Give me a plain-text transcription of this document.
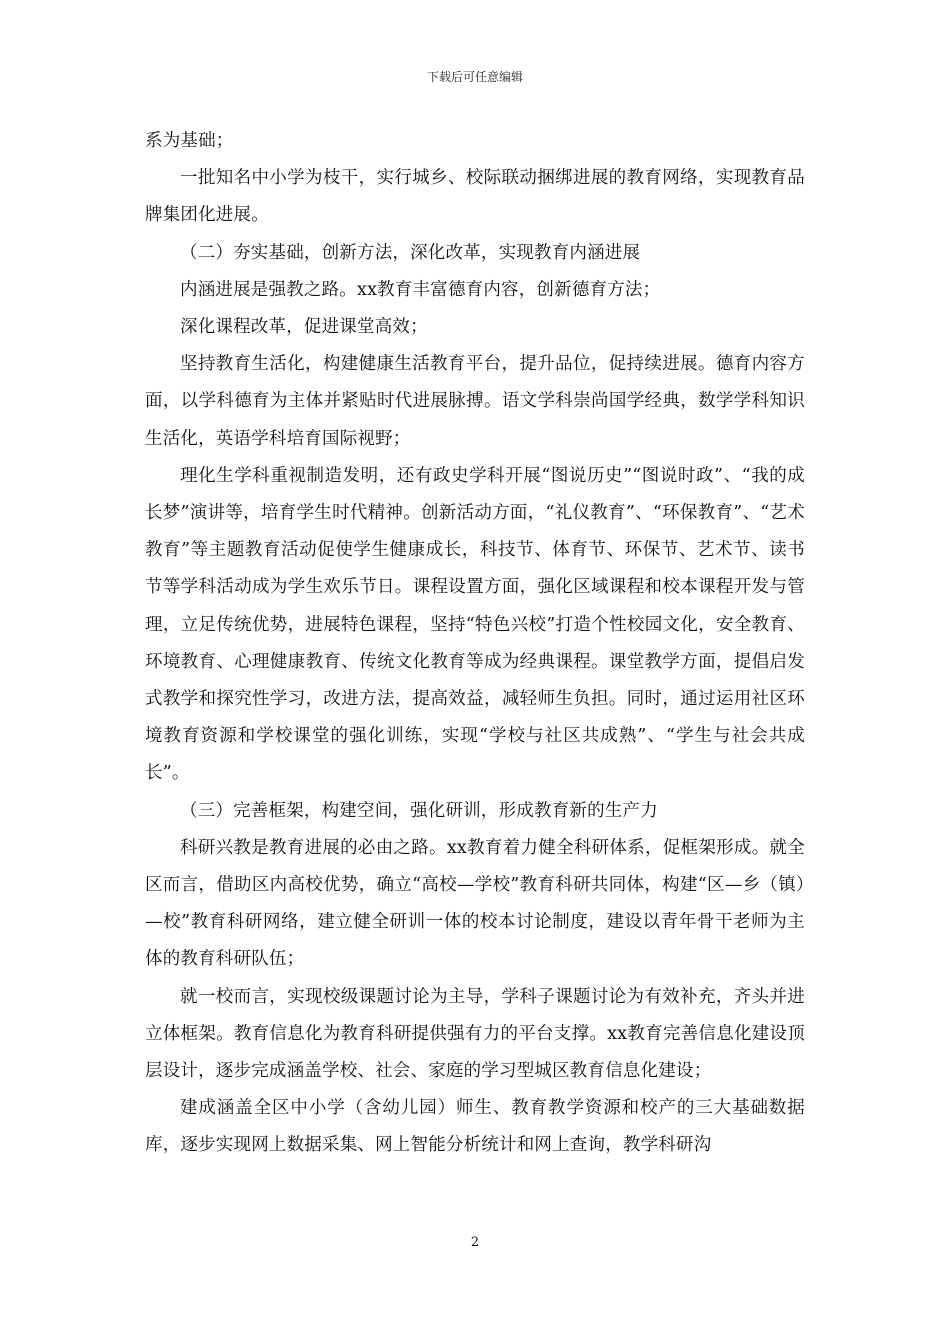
下载后可任意编辑

系为基础；

一批知名中小学为枝干，实行城乡、校际联动捆绑进展的教育网络，实现教育品牌集团化进展。

（二）夯实基础，创新方法，深化改革，实现教育内涵进展

内涵进展是强教之路。xx教育丰富德育内容，创新德育方法；

深化课程改革，促进课堂高效；

坚持教育生活化，构建健康生活教育平台，提升品位，促持续进展。德育内容方面，以学科德育为主体并紧贴时代进展脉搏。语文学科崇尚国学经典，数学学科知识生活化，英语学科培育国际视野；

理化生学科重视制造发明，还有政史学科开展“图说历史”“图说时政”、“我的成长梦”演讲等，培育学生时代精神。创新活动方面，“礼仪教育”、“环保教育”、“艺术教育”等主题教育活动促使学生健康成长，科技节、体育节、环保节、艺术节、读书节等学科活动成为学生欢乐节日。课程设置方面，强化区域课程和校本课程开发与管理，立足传统优势，进展特色课程，坚持“特色兴校”打造个性校园文化，安全教育、环境教育、心理健康教育、传统文化教育等成为经典课程。课堂教学方面，提倡启发式教学和探究性学习，改进方法，提高效益，减轻师生负担。同时，通过运用社区环境教育资源和学校课堂的强化训练，实现“学校与社区共成熟”、“学生与社会共成长”。

（三）完善框架，构建空间，强化研训，形成教育新的生产力

科研兴教是教育进展的必由之路。xx教育着力健全科研体系，促框架形成。就全区而言，借助区内高校优势，确立“高校—学校”教育科研共同体，构建“区—乡（镇）—校”教育科研网络，建立健全研训一体的校本讨论制度，建设以青年骨干老师为主体的教育科研队伍；

就一校而言，实现校级课题讨论为主导，学科子课题讨论为有效补充，齐头并进立体框架。教育信息化为教育科研提供强有力的平台支撑。xx教育完善信息化建设顶层设计，逐步完成涵盖学校、社会、家庭的学习型城区教育信息化建设；

建成涵盖全区中小学（含幼儿园）师生、教育教学资源和校产的三大基础数据库，逐步实现网上数据采集、网上智能分析统计和网上查询，教学科研沟

2
